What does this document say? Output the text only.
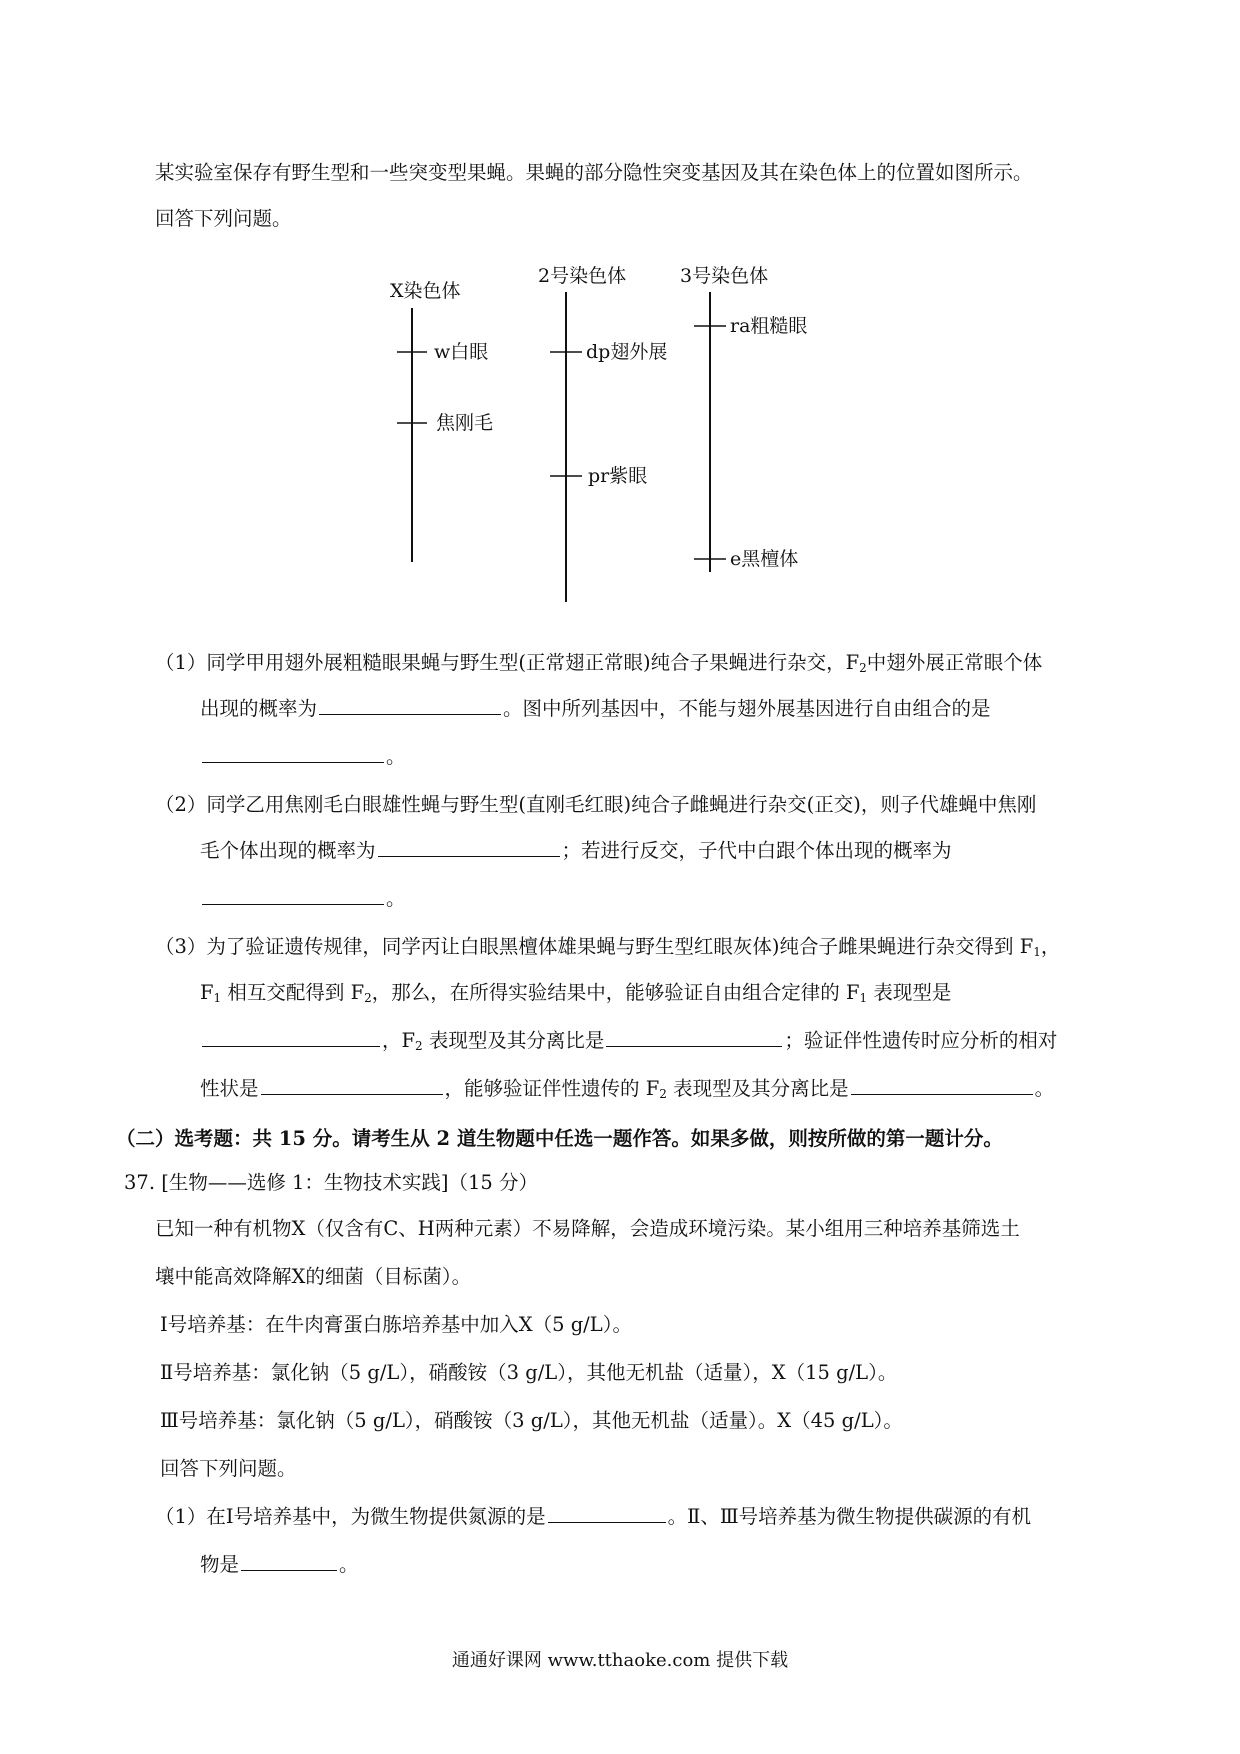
某实验室保存有野生型和一些突变型果蝇。果蝇的部分隐性突变基因及其在染色体上的位置如图所示。
回答下列问题。
X染色体
w白眼
焦刚毛
2号染色体
dp翅外展
pr紫眼
3号染色体
ra粗糙眼
e黑檀体
（1）同学甲用翅外展粗糙眼果蝇与野生型(正常翅正常眼)纯合子果蝇进行杂交，$F_2$中翅外展正常眼个体
出现的概率为	。图中所列基因中，不能与翅外展基因进行自由组合的是
。
（2）同学乙用焦刚毛白眼雄性蝇与野生型(直刚毛红眼)纯合子雌蝇进行杂交(正交)，则子代雄蝇中焦刚
毛个体出现的概率为	；若进行反交，子代中白跟个体出现的概率为
。
（3）为了验证遗传规律，同学丙让白眼黑檀体雄果蝇与野生型红眼灰体)纯合子雌果蝇进行杂交得到 $F_1$，
$F_1$ 相互交配得到 $F_2$，那么，在所得实验结果中，能够验证自由组合定律的 $F_1$ 表现型是
，$F_2$ 表现型及其分离比是	；验证伴性遗传时应分析的相对
性状是	，能够验证伴性遗传的 $F_2$ 表现型及其分离比是	。
（二）选考题：共 15 分。请考生从 2 道生物题中任选一题作答。如果多做，则按所做的第一题计分。
37. [生物——选修 1：生物技术实践]（15 分）
已知一种有机物X（仅含有C、H两种元素）不易降解，会造成环境污染。某小组用三种培养基筛选土
壤中能高效降解X的细菌（目标菌）。
Ⅰ号培养基：在牛肉膏蛋白胨培养基中加入X（5 g/L）。
Ⅱ号培养基：氯化钠（5 g/L），硝酸铵（3 g/L），其他无机盐（适量），X（15 g/L）。
Ⅲ号培养基：氯化钠（5 g/L），硝酸铵（3 g/L），其他无机盐（适量）。X（45 g/L）。
回答下列问题。
（1）在Ⅰ号培养基中，为微生物提供氮源的是	。Ⅱ、Ⅲ号培养基为微生物提供碳源的有机
物是	。
通通好课网 www.tthaoke.com 提供下载
